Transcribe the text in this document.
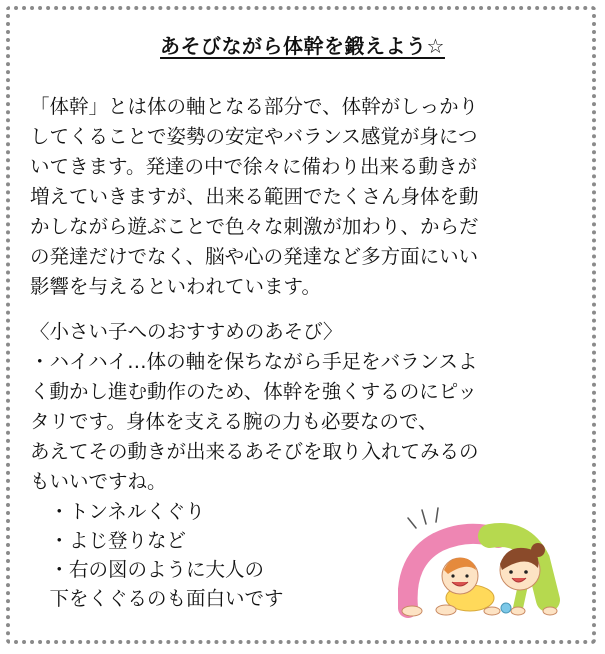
あそびながら体幹を鍛えよう☆
「体幹」とは体の軸となる部分で、体幹がしっかり
してくることで姿勢の安定やバランス感覚が身につ
いてきます。発達の中で徐々に備わり出来る動きが
増えていきますが、出来る範囲でたくさん身体を動
かしながら遊ぶことで色々な刺激が加わり、からだ
の発達だけでなく、脳や心の発達など多方面にいい
影響を与えるといわれています。
〈小さい子へのおすすめのあそび〉
・ハイハイ…体の軸を保ちながら手足をバランスよ
く動かし進む動作のため、体幹を強くするのにピッ
タリです。身体を支える腕の力も必要なので、
あえてその動きが出来るあそびを取り入れてみるの
もいいですね。
　・トンネルくぐり
　・よじ登りなど
　・右の図のように大人の
　下をくぐるのも面白いです
